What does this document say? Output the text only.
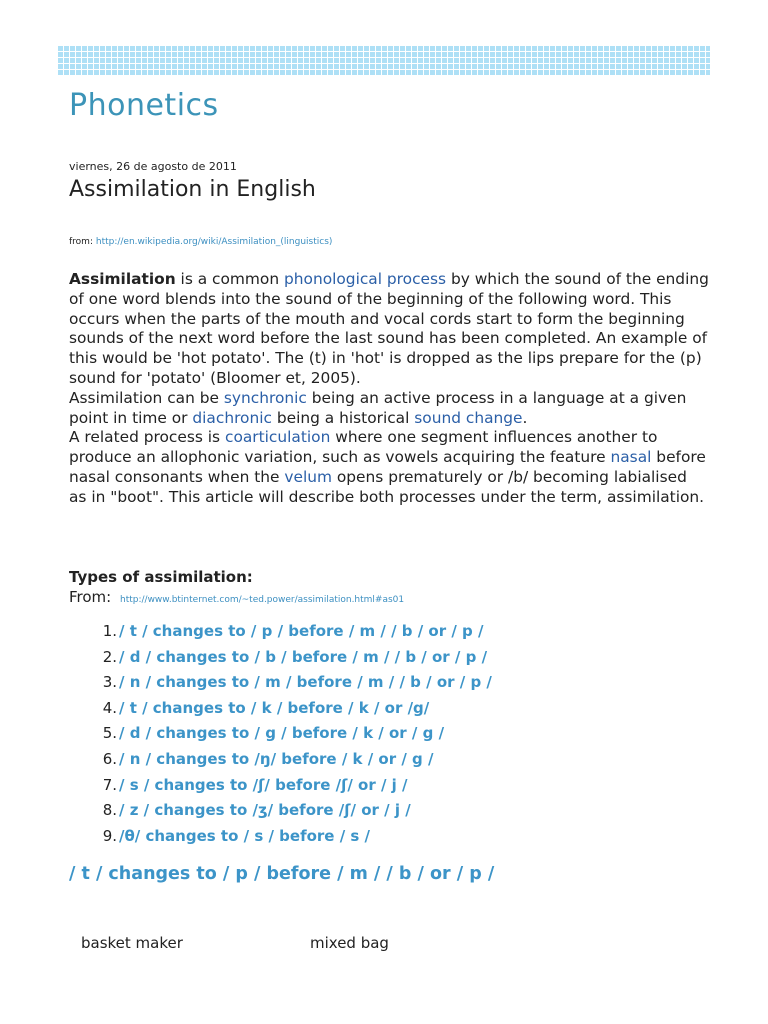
Phonetics
viernes, 26 de agosto de 2011
Assimilation in English
from: http://en.wikipedia.org/wiki/Assimilation_(linguistics)

Assimilation is a common phonological process by which the sound of the ending of one word blends into the sound of the beginning of the following word. This occurs when the parts of the mouth and vocal cords start to form the beginning sounds of the next word before the last sound has been completed. An example of this would be 'hot potato'. The (t) in 'hot' is dropped as the lips prepare for the (p) sound for 'potato' (Bloomer et, 2005).

Assimilation can be synchronic being an active process in a language at a given point in time or diachronic being a historical sound change.

A related process is coarticulation where one segment influences another to produce an allophonic variation, such as vowels acquiring the feature nasal before nasal consonants when the velum opens prematurely or /b/ becoming labialised as in "boot". This article will describe both processes under the term, assimilation.

Types of assimilation:
From: http://www.btinternet.com/~ted.power/assimilation.html#as01
1. / t / changes to / p / before / m / / b / or / p /
2. / d / changes to / b / before / m / / b / or / p /
3. / n / changes to / m / before / m / / b / or / p /
4. / t / changes to / k / before / k / or /g/
5. / d / changes to / g / before / k / or / g /
6. / n / changes to /ŋ/ before / k / or / g /
7. / s / changes to /ʃ/ before /ʃ/ or / j /
8. / z / changes to /ʒ/ before /ʃ/ or / j /
9. /θ/ changes to / s / before / s /
/ t / changes to / p / before / m / / b / or / p /
basket maker	mixed bag
